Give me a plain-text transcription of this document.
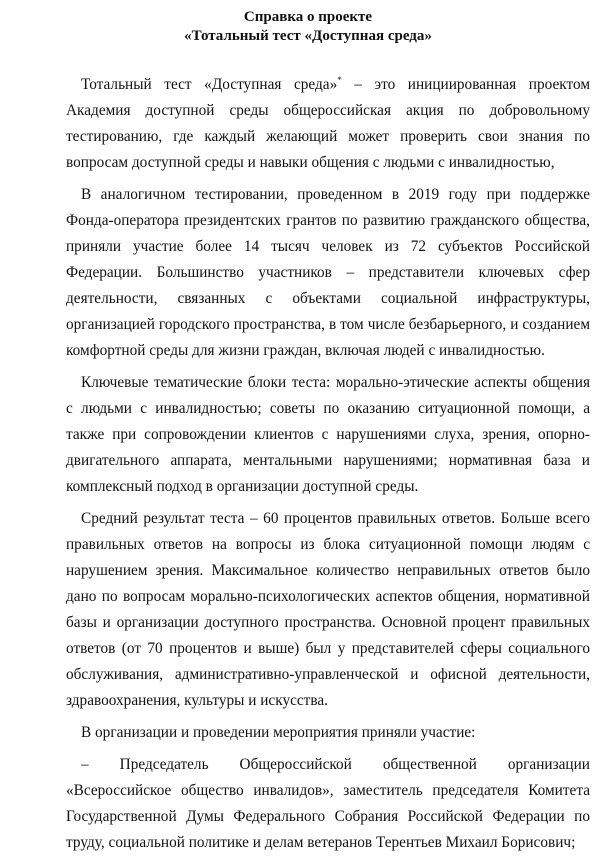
Справка о проекте
«Тотальный тест «Доступная среда»

Тотальный тест «Доступная среда»* – это инициированная проектом Академия доступной среды общероссийская акция по добровольному тестированию, где каждый желающий может проверить свои знания по вопросам доступной среды и навыки общения с людьми с инвалидностью,

В аналогичном тестировании, проведенном в 2019 году при поддержке Фонда-оператора президентских грантов по развитию гражданского общества, приняли участие более 14 тысяч человек из 72 субъектов Российской Федерации. Большинство участников – представители ключевых сфер деятельности, связанных с объектами социальной инфраструктуры, организацией городского пространства, в том числе безбарьерного, и созданием комфортной среды для жизни граждан, включая людей с инвалидностью.

Ключевые тематические блоки теста: морально-этические аспекты общения с людьми с инвалидностью; советы по оказанию ситуационной помощи, а также при сопровождении клиентов с нарушениями слуха, зрения, опорно-двигательного аппарата, ментальными нарушениями; нормативная база и комплексный подход в организации доступной среды.

Средний результат теста – 60 процентов правильных ответов. Больше всего правильных ответов на вопросы из блока ситуационной помощи людям с нарушением зрения. Максимальное количество неправильных ответов было дано по вопросам морально-психологических аспектов общения, нормативной базы и организации доступного пространства. Основной процент правильных ответов (от 70 процентов и выше) был у представителей сферы социального обслуживания, административно-управленческой и офисной деятельности, здравоохранения, культуры и искусства.

В организации и проведении мероприятия приняли участие:

– Председатель Общероссийской общественной организации «Всероссийское общество инвалидов», заместитель председателя Комитета Государственной Думы Федерального Собрания Российской Федерации по труду, социальной политике и делам ветеранов Терентьев Михаил Борисович;
